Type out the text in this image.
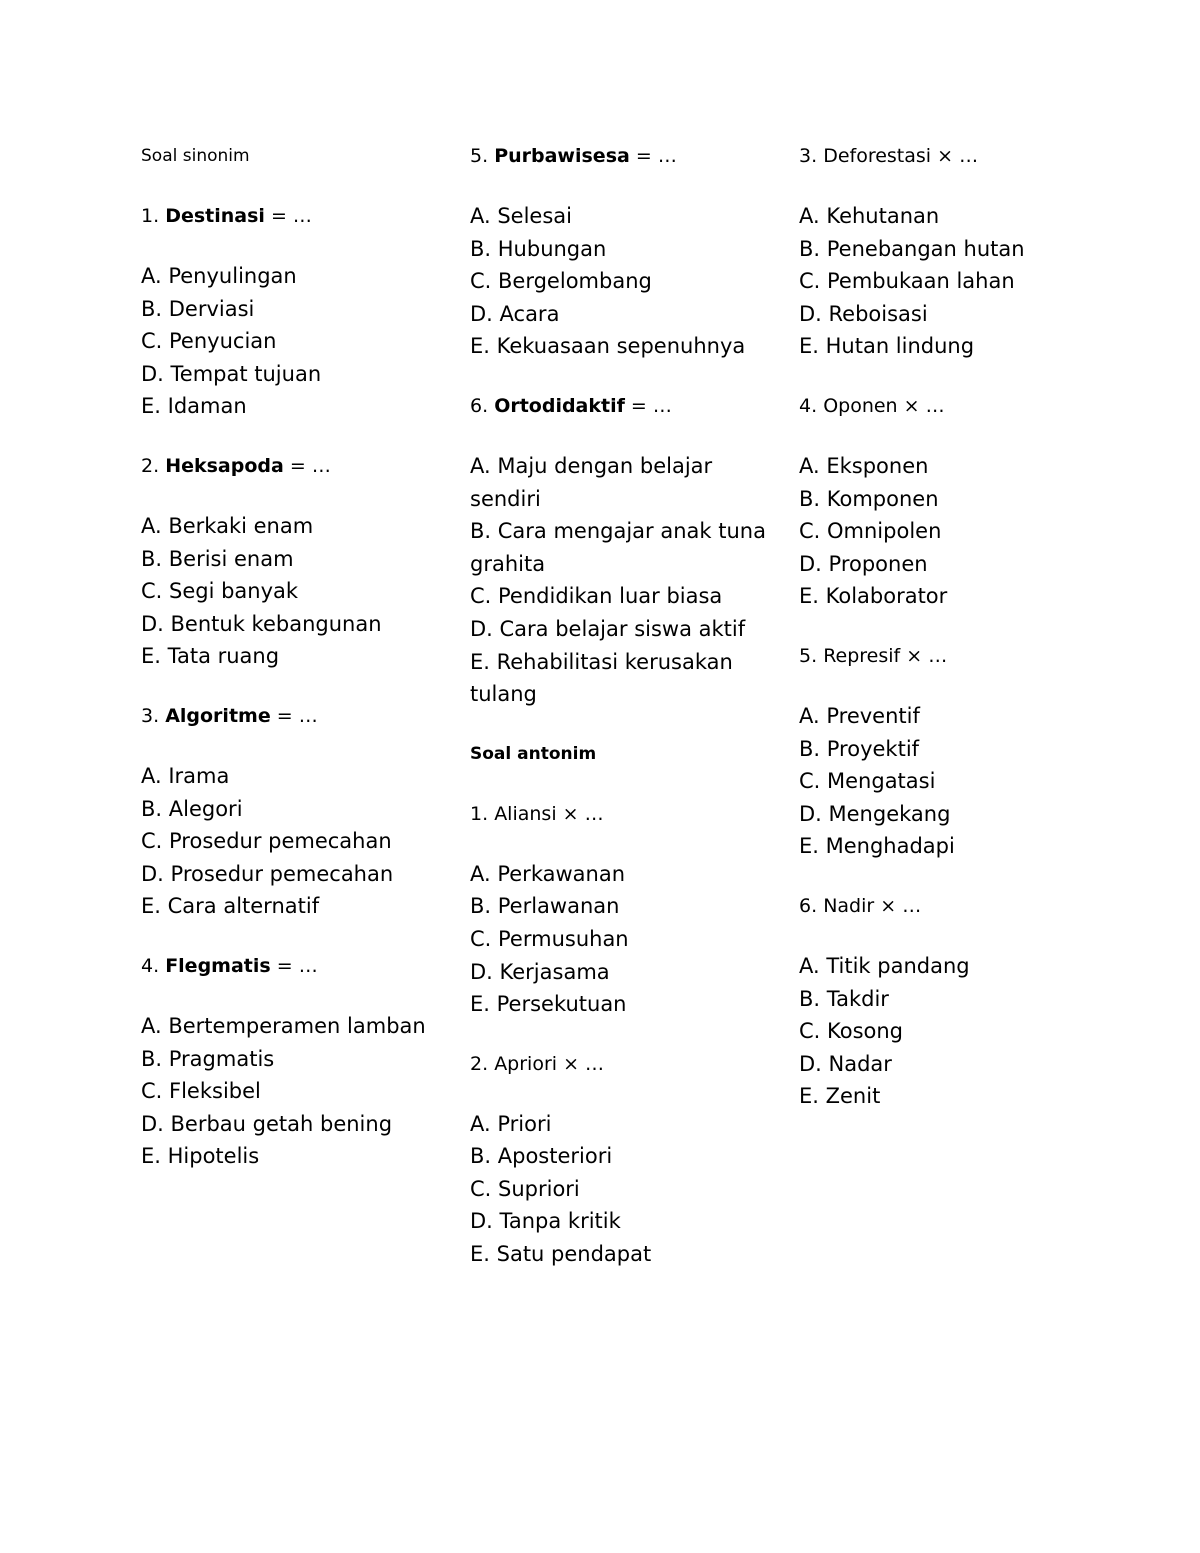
Soal sinonim
1. Destinasi = …
A. Penyulingan
B. Derviasi
C. Penyucian
D. Tempat tujuan
E. Idaman
2. Heksapoda = …
A. Berkaki enam
B. Berisi enam
C. Segi banyak
D. Bentuk kebangunan
E. Tata ruang
3. Algoritme = …
A. Irama
B. Alegori
C. Prosedur pemecahan
D. Prosedur pemecahan
E. Cara alternatif
4. Flegmatis = …
A. Bertemperamen lamban
B. Pragmatis
C. Fleksibel
D. Berbau getah bening
E. Hipotelis
5. Purbawisesa = …
A. Selesai
B. Hubungan
C. Bergelombang
D. Acara
E. Kekuasaan sepenuhnya
6. Ortodidaktif = …
A. Maju dengan belajar sendiri
B. Cara mengajar anak tuna grahita
C. Pendidikan luar biasa
D. Cara belajar siswa aktif
E. Rehabilitasi kerusakan tulang
Soal antonim
1. Aliansi × …
A. Perkawanan
B. Perlawanan
C. Permusuhan
D. Kerjasama
E. Persekutuan
2. Apriori × …
A. Priori
B. Aposteriori
C. Supriori
D. Tanpa kritik
E. Satu pendapat
3. Deforestasi × …
A. Kehutanan
B. Penebangan hutan
C. Pembukaan lahan
D. Reboisasi
E. Hutan lindung
4. Oponen × …
A. Eksponen
B. Komponen
C. Omnipolen
D. Proponen
E. Kolaborator
5. Represif × …
A. Preventif
B. Proyektif
C. Mengatasi
D. Mengekang
E. Menghadapi
6. Nadir × …
A. Titik pandang
B. Takdir
C. Kosong
D. Nadar
E. Zenit
